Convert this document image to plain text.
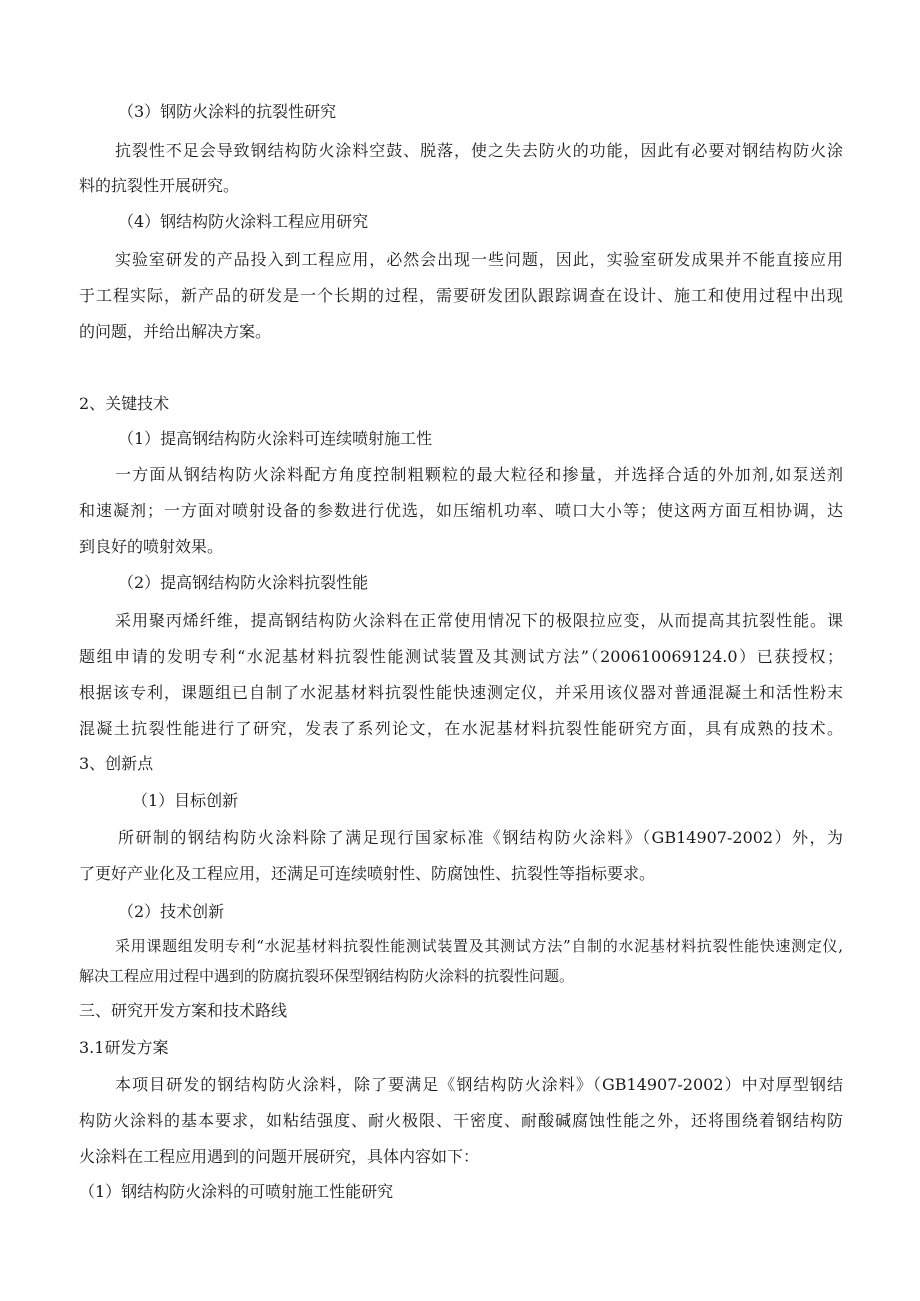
（3）钢防火涂料的抗裂性研究
抗裂性不足会导致钢结构防火涂料空鼓、脱落，使之失去防火的功能，因此有必要对钢结构防火涂
料的抗裂性开展研究。
（4）钢结构防火涂料工程应用研究
实验室研发的产品投入到工程应用，必然会出现一些问题，因此，实验室研发成果并不能直接应用
于工程实际，新产品的研发是一个长期的过程，需要研发团队跟踪调查在设计、施工和使用过程中出现
的问题，并给出解决方案。
2、关键技术
（1）提高钢结构防火涂料可连续喷射施工性
一方面从钢结构防火涂料配方角度控制粗颗粒的最大粒径和掺量，并选择合适的外加剂,如泵送剂
和速凝剂；一方面对喷射设备的参数进行优选，如压缩机功率、喷口大小等；使这两方面互相协调，达
到良好的喷射效果。
（2）提高钢结构防火涂料抗裂性能
采用聚丙烯纤维，提高钢结构防火涂料在正常使用情况下的极限拉应变，从而提高其抗裂性能。课
题组申请的发明专利“水泥基材料抗裂性能测试装置及其测试方法”（200610069124.0）已获授权；
根据该专利，课题组已自制了水泥基材料抗裂性能快速测定仪，并采用该仪器对普通混凝土和活性粉末
混凝土抗裂性能进行了研究，发表了系列论文，在水泥基材料抗裂性能研究方面，具有成熟的技术。
3、创新点
（1）目标创新
所研制的钢结构防火涂料除了满足现行国家标准《钢结构防火涂料》（GB14907-2002）外，为
了更好产业化及工程应用，还满足可连续喷射性、防腐蚀性、抗裂性等指标要求。
（2）技术创新
采用课题组发明专利“水泥基材料抗裂性能测试装置及其测试方法”自制的水泥基材料抗裂性能快速测定仪,
解决工程应用过程中遇到的防腐抗裂环保型钢结构防火涂料的抗裂性问题。
三、研究开发方案和技术路线
3.1研发方案
本项目研发的钢结构防火涂料，除了要满足《钢结构防火涂料》（GB14907-2002）中对厚型钢结
构防火涂料的基本要求，如粘结强度、耐火极限、干密度、耐酸碱腐蚀性能之外，还将围绕着钢结构防
火涂料在工程应用遇到的问题开展研究，具体内容如下：
（1）钢结构防火涂料的可喷射施工性能研究
